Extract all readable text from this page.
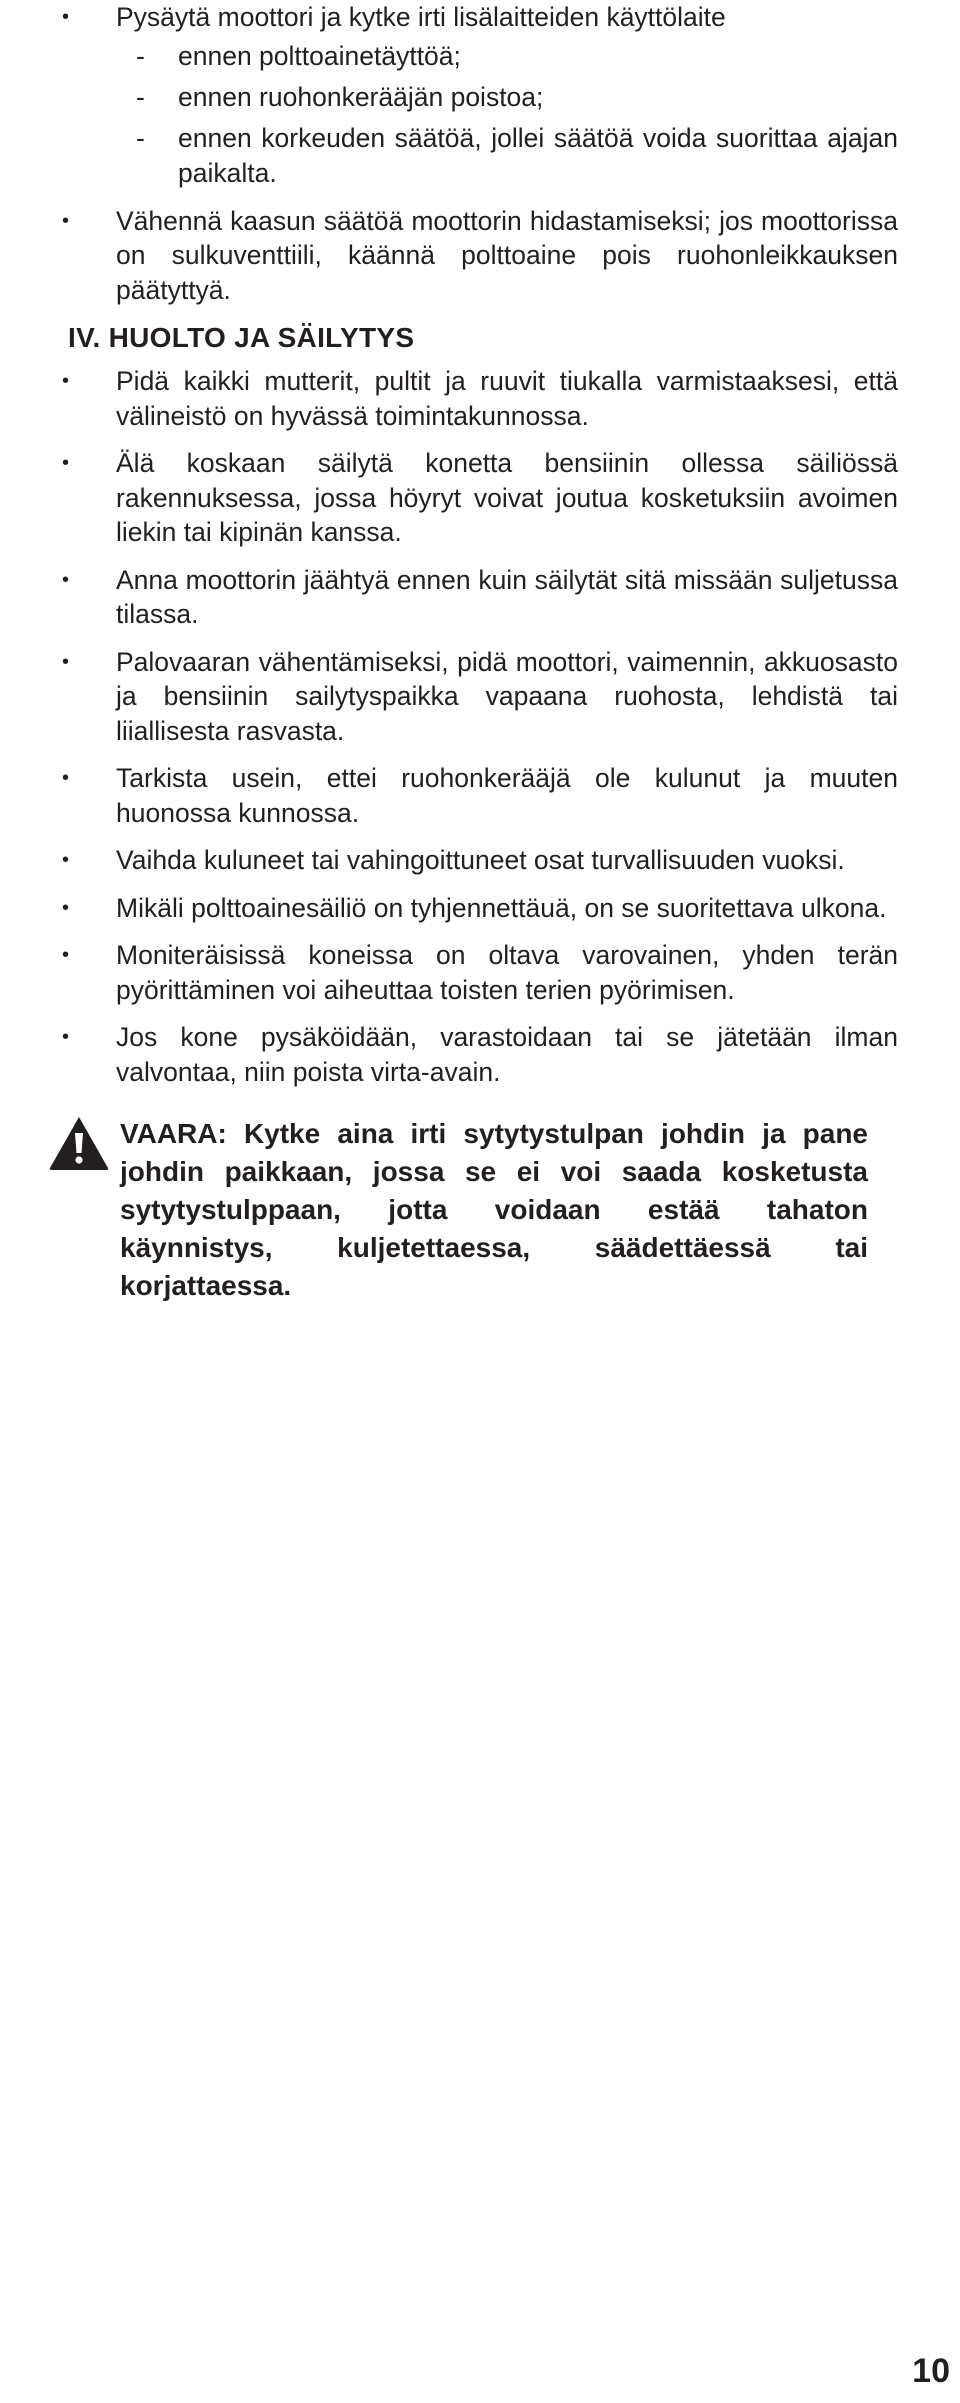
• Pysäytä moottori ja kytke irti lisälaitteiden käyttölaite
- ennen polttoainetäyttöä;
- ennen ruohonkerääjän poistoa;
- ennen korkeuden säätöä, jollei säätöä voida suorittaa ajajan paikalta.
• Vähennä kaasun säätöä moottorin hidastamiseksi; jos moottorissa on sulkuventtiili, käännä polttoaine pois ruohonleikkauksen päätyttyä.
IV. HUOLTO JA SÄILYTYS
• Pidä kaikki mutterit, pultit ja ruuvit tiukalla varmistaaksesi, että välineistö on hyvässä toimintakunnossa.
• Älä koskaan säilytä konetta bensiinin ollessa säiliössä rakennuksessa, jossa höyryt voivat joutua kosketuksiin avoimen liekin tai kipinän kanssa.
• Anna moottorin jäähtyä ennen kuin säilytät sitä missään suljetussa tilassa.
• Palovaaran vähentämiseksi, pidä moottori, vaimennin, akkuosasto ja bensiinin sailytyspaikka vapaana ruohosta, lehdistä tai liiallisesta rasvasta.
• Tarkista usein, ettei ruohonkerääjä ole kulunut ja muuten huonossa kunnossa.
• Vaihda kuluneet tai vahingoittuneet osat turvallisuuden vuoksi.
• Mikäli polttoainesäiliö on tyhjennettäuä, on se suoritettava ulkona.
• Moniteräisissä koneissa on oltava varovainen, yhden terän pyörittäminen voi aiheuttaa toisten terien pyörimisen.
• Jos kone pysäköidään, varastoidaan tai se jätetään ilman valvontaa, niin poista virta-avain.
VAARA: Kytke aina irti sytytystulpan johdin ja pane johdin paikkaan, jossa se ei voi saada kosketusta sytytystulppaan, jotta voidaan estää tahaton käynnistys, kuljetettaessa, säädettäessä tai korjattaessa.
10
